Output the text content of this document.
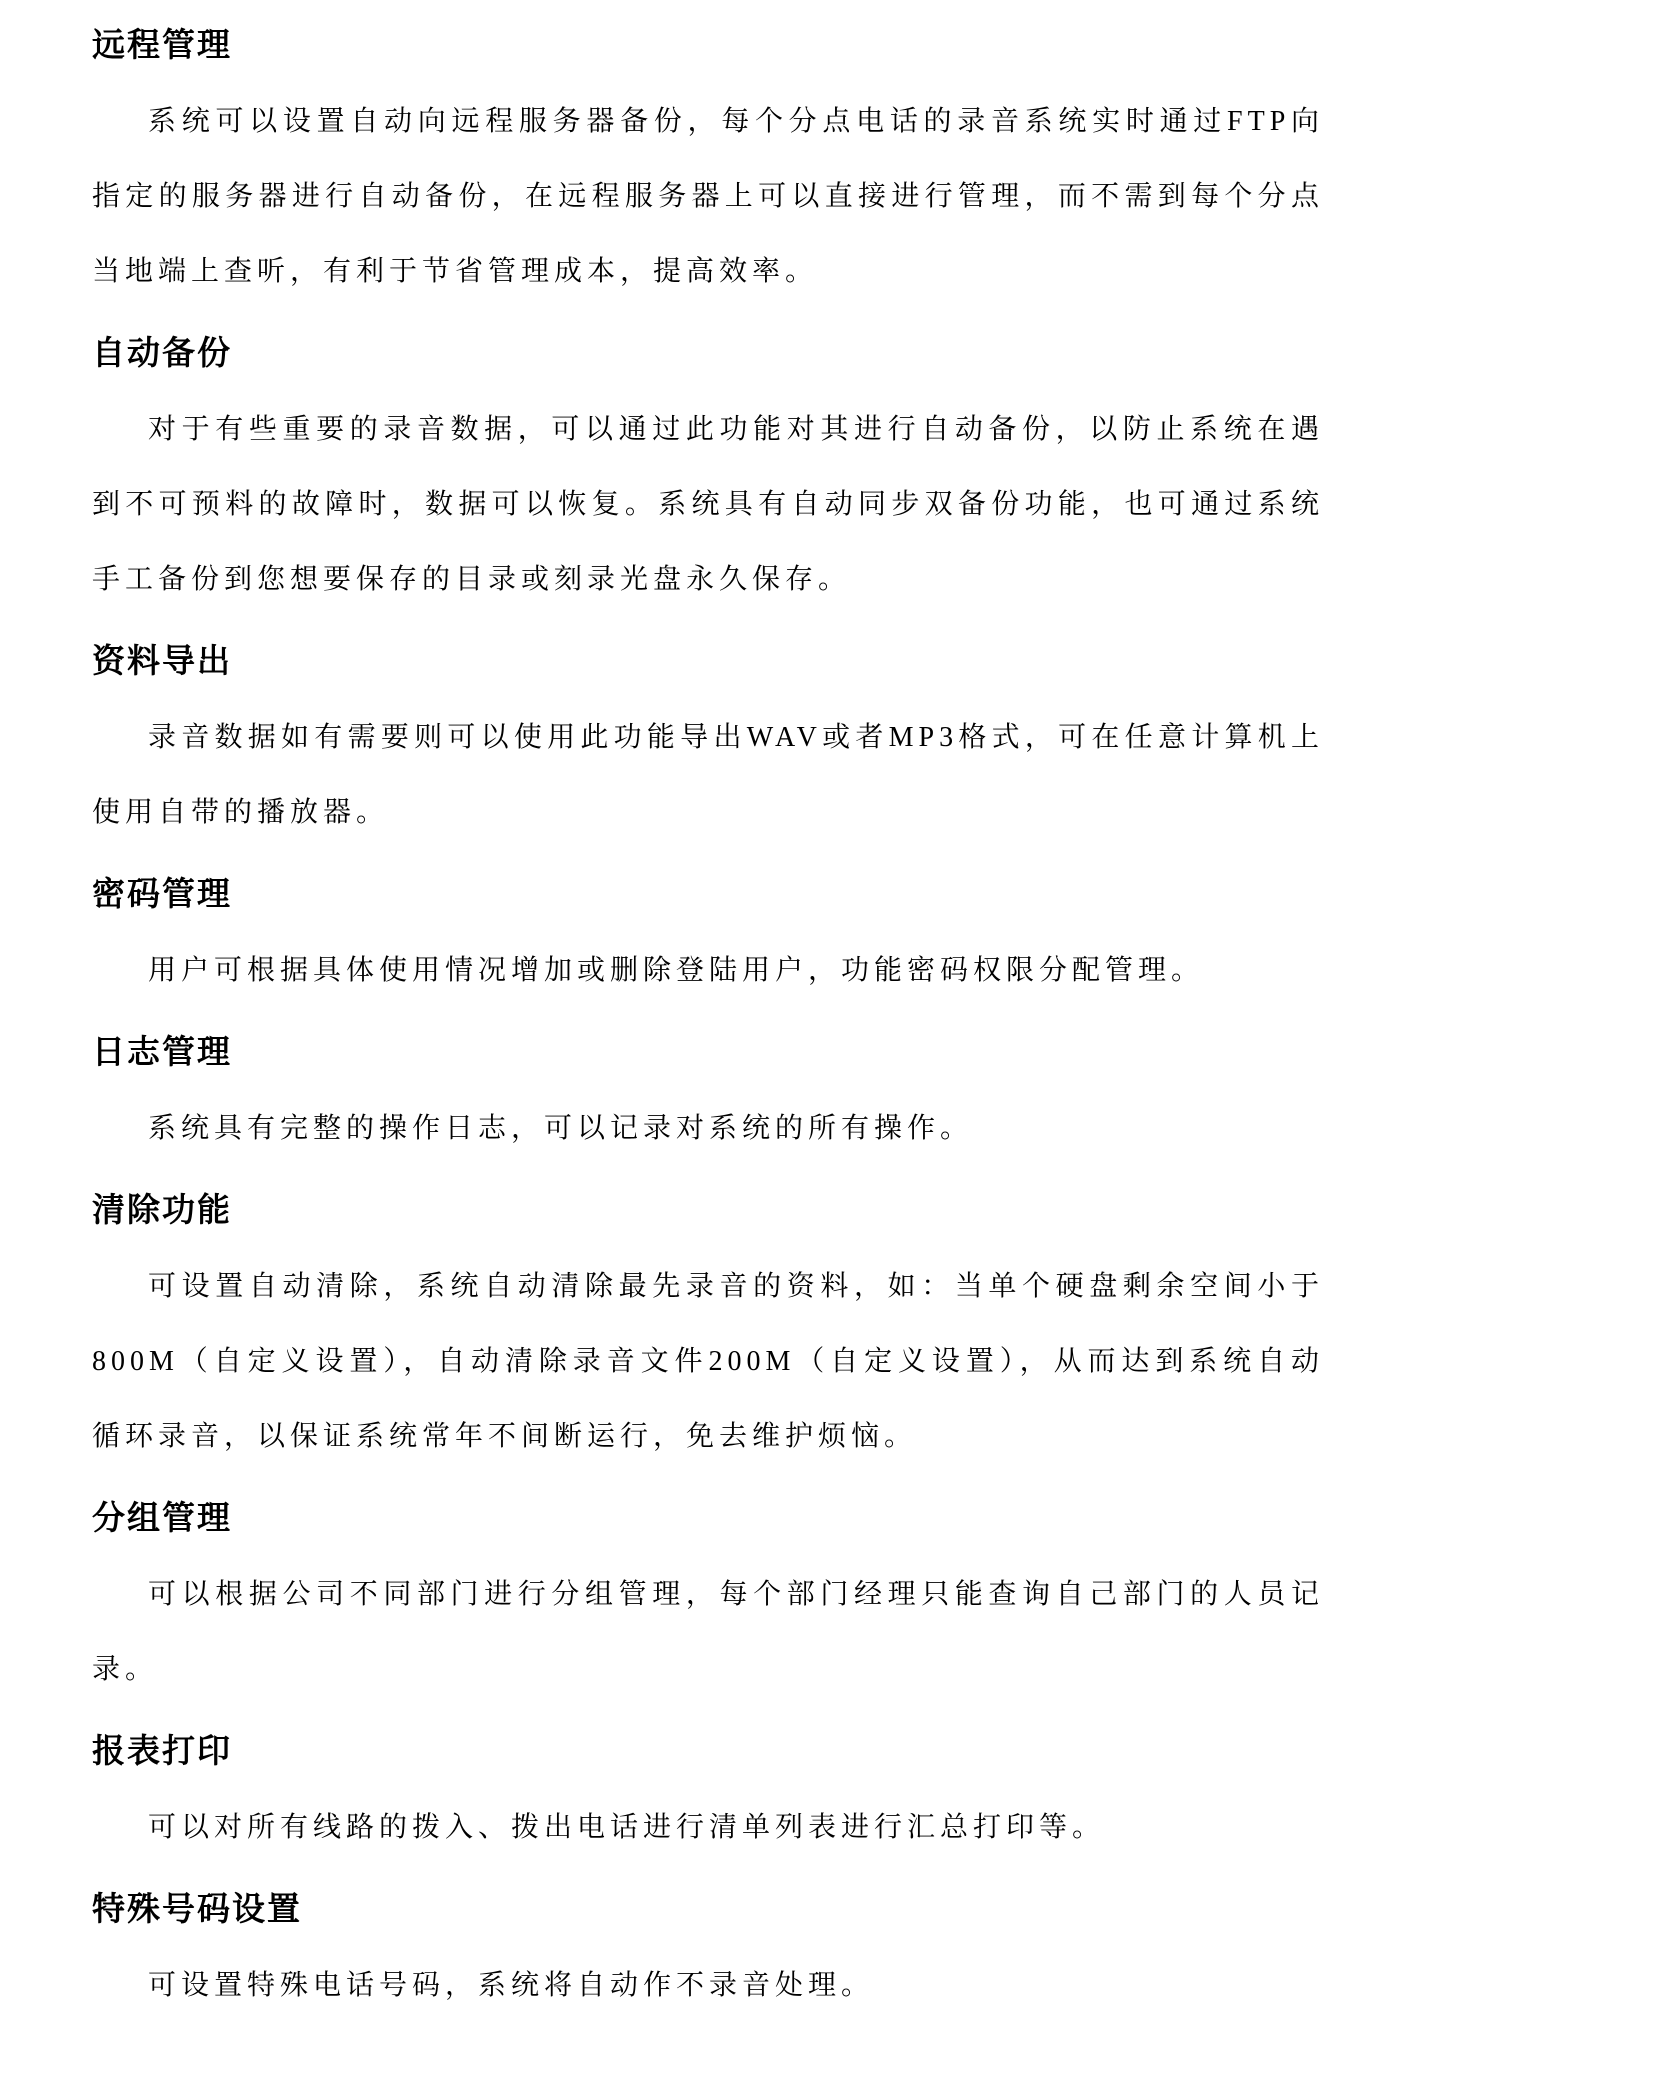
远程管理

系统可以设置自动向远程服务器备份，每个分点电话的录音系统实时通过FTP向指定的服务器进行自动备份，在远程服务器上可以直接进行管理，而不需到每个分点当地端上查听，有利于节省管理成本，提高效率。

自动备份

对于有些重要的录音数据，可以通过此功能对其进行自动备份，以防止系统在遇到不可预料的故障时，数据可以恢复。系统具有自动同步双备份功能，也可通过系统手工备份到您想要保存的目录或刻录光盘永久保存。

资料导出

录音数据如有需要则可以使用此功能导出WAV或者MP3格式，可在任意计算机上使用自带的播放器。

密码管理

用户可根据具体使用情况增加或删除登陆用户，功能密码权限分配管理。

日志管理

系统具有完整的操作日志，可以记录对系统的所有操作。

清除功能

可设置自动清除，系统自动清除最先录音的资料，如：当单个硬盘剩余空间小于800M（自定义设置），自动清除录音文件200M（自定义设置），从而达到系统自动循环录音，以保证系统常年不间断运行，免去维护烦恼。

分组管理

可以根据公司不同部门进行分组管理，每个部门经理只能查询自己部门的人员记录。

报表打印

可以对所有线路的拨入、拨出电话进行清单列表进行汇总打印等。

特殊号码设置

可设置特殊电话号码，系统将自动作不录音处理。
